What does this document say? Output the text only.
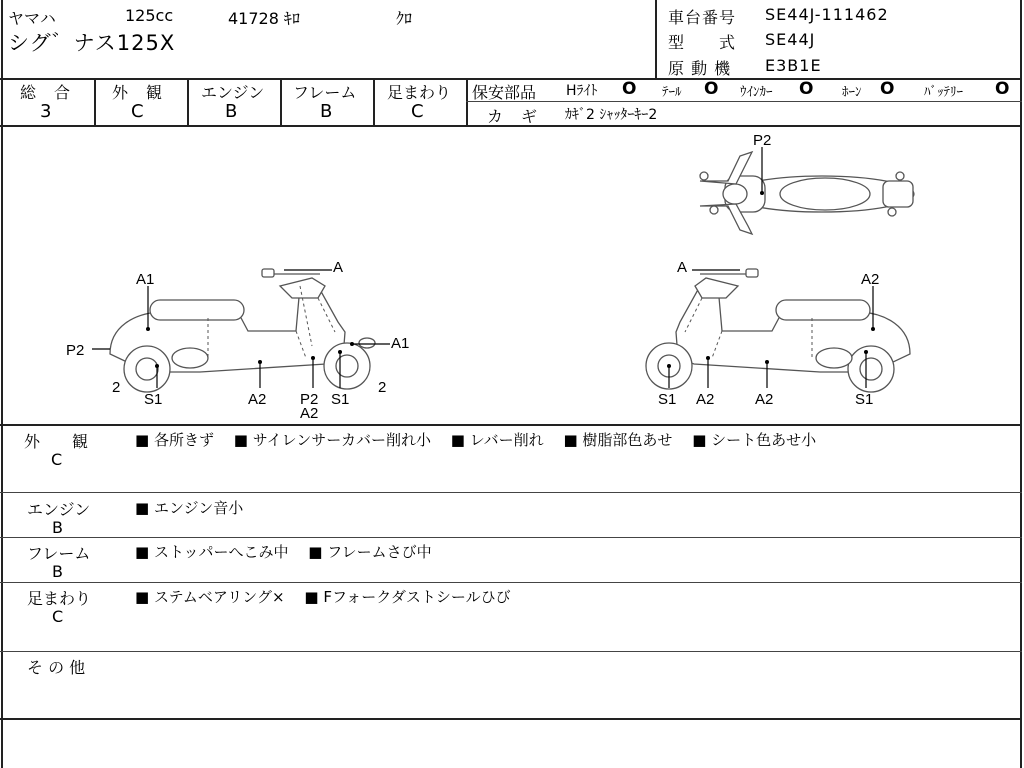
ヤマハ	125cc	41728 ｷﾛ	ｸﾛ
シグ゛ナス125X
車台番号 SE44J-111462
型　　式 SE44J
原 動 機 E3B1E
総　合
3
外　観
C
エンジン
B
フレーム
B
足まわり
C
保安部品 Hﾗｲﾄ O ﾃｰﾙ O ｳｲﾝｶｰ O ﾎｰﾝ O ﾊﾞｯﾃﾘｰ O
カ　ギ ｶｷﾞ2 ｼｬｯﾀｰｷｰ2
P2
A
A1
P2
2
S1	A2 P2
A2
S1
A1
2
A
A2
S1 A2	A2	S1
外　　観
C
■ 各所きず 　■ サイレンサーカバー削れ小 　■ レバー削れ 　■ 樹脂部色あせ 　■ シート色あせ小
エンジン
B
■ エンジン音小
フレーム
B
■ ストッパーへこみ中 　■ フレームさび中
足まわり
C
■ ステムベアリング× 　■ Fフォークダストシールひび
そ の 他
